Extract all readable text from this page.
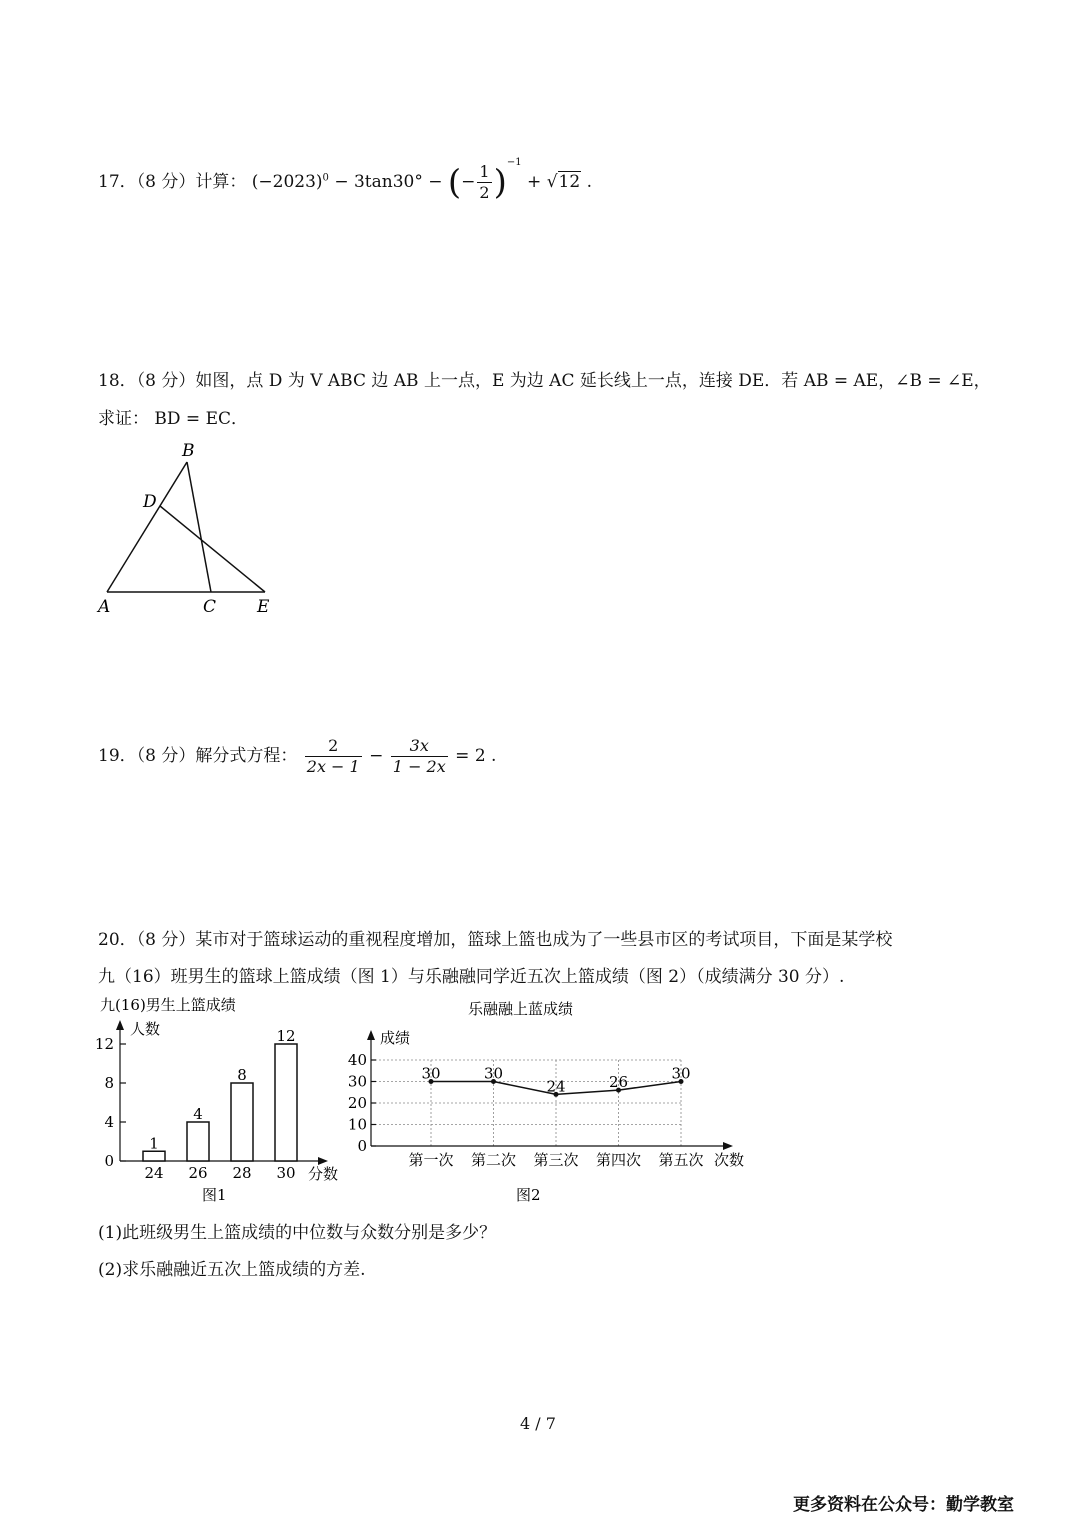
17．（8 分）计算： $(-2023)^0 - 3\tan 30^\circ$ − (− $\frac{1}{2} )^{-1} + √12$ .
18．（8 分）如图，点 D 为 V ABC 边 AB 上一点，E 为边 AC 延长线上一点，连接 DE．若 AB = AE，∠B = ∠E，
求证： BD = EC．
B
D
A	C E
19．（8 分）解分式方程： $\frac{2}{2x - 1} - \frac{3x}{1 - 2x} = 2$ .
20．（8 分）某市对于篮球运动的重视程度增加，篮球上篮也成为了一些县市区的考试项目，下面是某学校
九（16）班男生的篮球上篮成绩（图 1）与乐融融同学近五次上篮成绩（图 2）（成绩满分 30 分）.
九(16)男生上篮成绩
人数
0
4
8
12
1
24
4
26
8
28
12
30 分数
图1
乐融融上蓝成绩
成绩
0
10
20
30
40
第一次 第二次 第三次 第四次 第五次
30	30
24	26	30
次数
图2
(1)此班级男生上篮成绩的中位数与众数分别是多少？
(2)求乐融融近五次上篮成绩的方差.
4 / 7
更多资料在公众号：勤学教室
